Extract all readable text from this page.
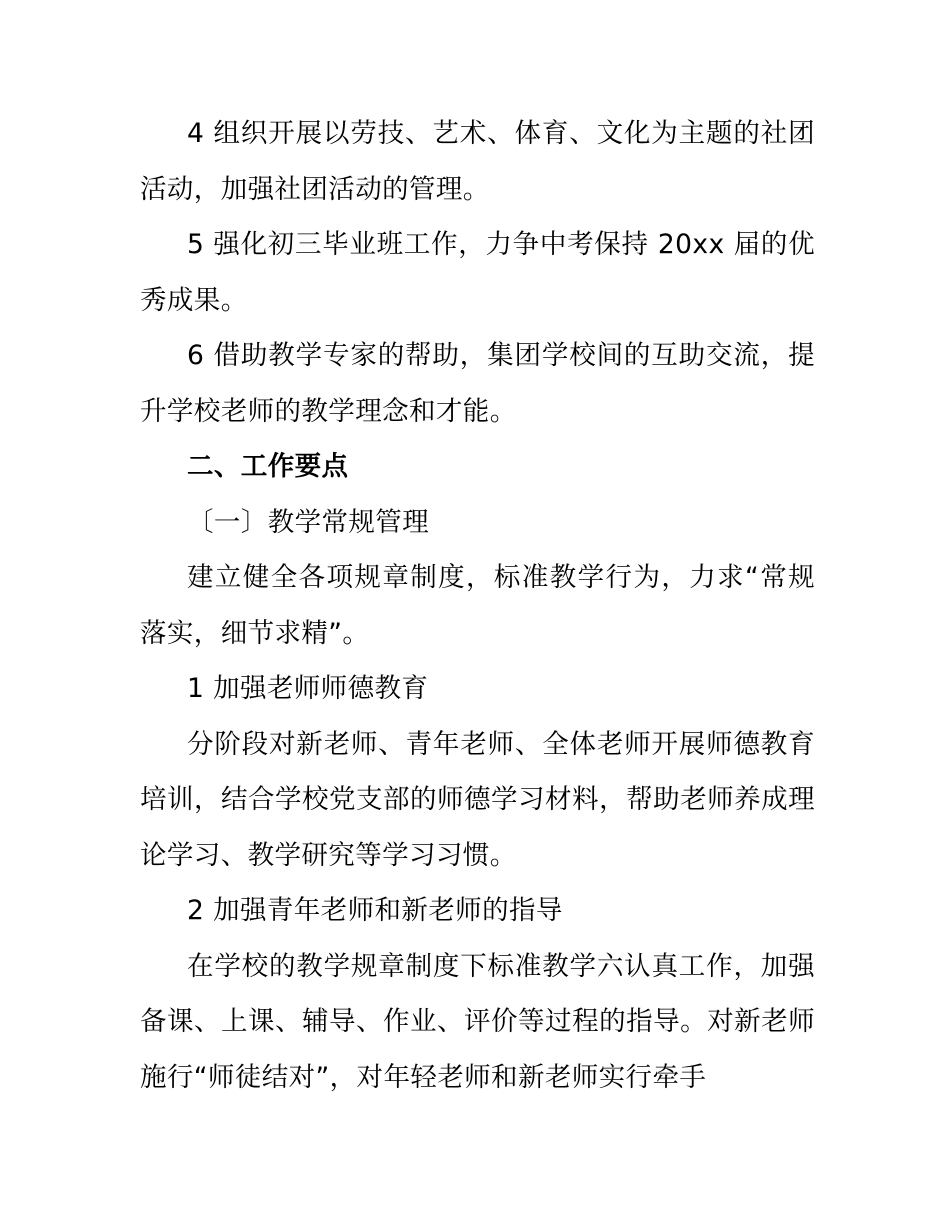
4 组织开展以劳技、艺术、体育、文化为主题的社团活动，加强社团活动的管理。

5 强化初三毕业班工作，力争中考保持 20xx 届的优秀成果。

6 借助教学专家的帮助，集团学校间的互助交流，提升学校老师的教学理念和才能。

二、工作要点

〔一〕教学常规管理

建立健全各项规章制度，标准教学行为，力求“常规落实，细节求精”。

1 加强老师师德教育

分阶段对新老师、青年老师、全体老师开展师德教育培训，结合学校党支部的师德学习材料，帮助老师养成理论学习、教学研究等学习习惯。

2 加强青年老师和新老师的指导

在学校的教学规章制度下标准教学六认真工作，加强备课、上课、辅导、作业、评价等过程的指导。对新老师施行“师徒结对”，对年轻老师和新老师实行牵手
